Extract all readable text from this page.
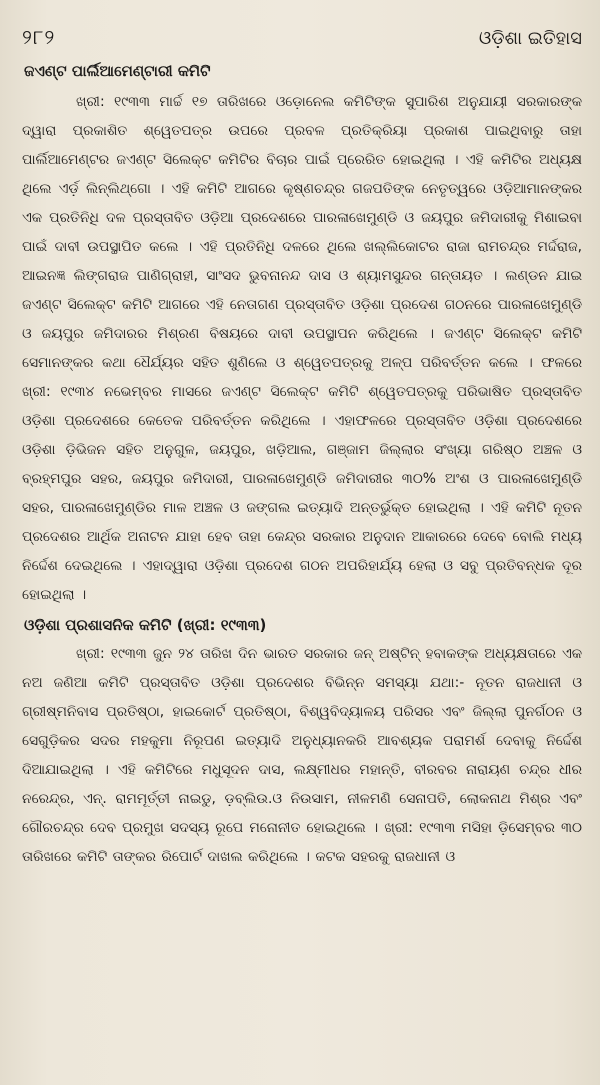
୨୮୨	ଓଡ଼ିଶା ଇତିହାସ
ଜଏଣ୍ଟ ପାର୍ଲିଆମେଣ୍ଟାରୀ କମିଟି

ଖ୍ରୀ: ୧୯୩୩ ମାର୍ଚ୍ଚ ୧୭ ତାରିଖରେ ଓଡ଼ୋନେଲ କମିଟିଙ୍କ ସୁପାରିଶ ଅନୁଯାୟୀ ସରକାରଙ୍କ ଦ୍ୱାରା ପ୍ରକାଶିତ ଶ୍ୱେତପତ୍ର ଉପରେ ପ୍ରବଳ ପ୍ରତିକ୍ରିୟା ପ୍ରକାଶ ପାଇଥିବାରୁ ତାହା ପାର୍ଲିଆମେଣ୍ଟର ଜଏଣ୍ଟ ସିଲେକ୍ଟ କମିଟିର ବିଚାର ପାଇଁ ପ୍ରେରିତ ହୋଇଥିଲା । ଏହି କମିଟିର ଅଧ୍ୟକ୍ଷ ଥିଲେ ଏର୍ଡ଼ ଲିନ୍‌ଲିଥ୍‌ଗୋ । ଏହି କମିଟି ଆଗରେ କୃଷ୍ଣଚନ୍ଦ୍ର ଗଜପତିଙ୍କ ନେତୃତ୍ୱରେ ଓଡ଼ିଆମାନଙ୍କର ଏକ ପ୍ରତିନିଧି ଦଳ ପ୍ରସ୍ତାବିତ ଓଡ଼ିଆ ପ୍ରଦେଶରେ ପାରଳାଖେମୁଣ୍ଡି ଓ ଜୟପୁର ଜମିଦାରୀକୁ ମିଶାଇବା ପାଇଁ ଦାବୀ ଉପସ୍ଥାପିତ କଲେ । ଏହି ପ୍ରତିନିଧି ଦଳରେ ଥିଲେ ଖଲ୍ଲିକୋଟର ରାଜା ରାମଚନ୍ଦ୍ର ମର୍ଦ୍ଦରାଜ, ଆଇନଜ୍ଞ ଲିଙ୍ଗରାଜ ପାଣିଗ୍ରାହୀ, ସାଂସଦ ଭୁବନାନନ୍ଦ ଦାସ ଓ ଶ୍ୟାମସୁନ୍ଦର ଗନ୍ତାୟତ । ଲଣ୍ଡନ ଯାଇ ଜଏଣ୍ଟ ସିଲେକ୍ଟ କମିଟି ଆଗରେ ଏହି ନେତାଗଣ ପ୍ରସ୍ତାବିତ ଓଡ଼ିଶା ପ୍ରଦେଶ ଗଠନରେ ପାରଳାଖେମୁଣ୍ଡି ଓ ଜୟପୁର ଜମିଦାରର ମିଶ୍ରଣ ବିଷୟରେ ଦାବୀ ଉପସ୍ଥାପନ କରିଥିଲେ । ଜଏଣ୍ଟ ସିଲେକ୍ଟ କମିଟି ସେମାନଙ୍କର କଥା ଧୈର୍ଯ୍ୟର ସହିତ ଶୁଣିଲେ ଓ ଶ୍ୱେତପତ୍ରକୁ ଅଳ୍ପ ପରିବର୍ତ୍ତନ କଲେ । ଫଳରେ ଖ୍ରୀ: ୧୯୩୪ ନଭେମ୍ବର ମାସରେ ଜଏଣ୍ଟ ସିଲେକ୍ଟ କମିଟି ଶ୍ୱେତପତ୍ରକୁ ପରିଭାଷିତ ପ୍ରସ୍ତାବିତ ଓଡ଼ିଶା ପ୍ରଦେଶରେ କେତେକ ପରିବର୍ତ୍ତନ କରିଥିଲେ । ଏହାଫଳରେ ପ୍ରସ୍ତାବିତ ଓଡ଼ିଶା ପ୍ରଦେଶରେ ଓଡ଼ିଶା ଡ଼ିଭିଜନ ସହିତ ଅନୁଗୁଳ, ଜୟପୁର, ଖଡ଼ିଆଲ, ଗଞ୍ଜାମ ଜିଲ୍ଲାର ସଂଖ୍ୟା ଗରିଷ୍ଠ ଅଞ୍ଚଳ ଓ ବ୍ରହ୍ମପୁର ସହର, ଜୟପୁର ଜମିଦାରୀ, ପାରଳାଖେମୁଣ୍ଡି ଜମିଦାରୀର ୩୦% ଅଂଶ ଓ ପାରଳାଖେମୁଣ୍ଡି ସହର, ପାରଳାଖେମୁଣ୍ଡିର ମାଳ ଅଞ୍ଚଳ ଓ ଜଙ୍ଗଲ ଇତ୍ୟାଦି ଅନ୍ତର୍ଭୁକ୍ତ ହୋଇଥିଲା । ଏହି କମିଟି ନୂତନ ପ୍ରଦେଶର ଆର୍ଥିକ ଅନାଟନ ଯାହା ହେବ ତାହା କେନ୍ଦ୍ର ସରକାର ଅନୁଦାନ ଆକାରରେ ଦେବେ ବୋଲି ମଧ୍ୟ ନିର୍ଦ୍ଦେଶ ଦେଇଥିଲେ । ଏହାଦ୍ୱାରା ଓଡ଼ିଶା ପ୍ରଦେଶ ଗଠନ ଅପରିହାର୍ଯ୍ୟ ହେଲା ଓ ସବୁ ପ୍ରତିବନ୍ଧକ ଦୂର ହୋଇଥିଲା ।

ଓଡ଼ିଶା ପ୍ରଶାସନିକ କମିଟି (ଖ୍ରୀ: ୧୯୩୩)

ଖ୍ରୀ: ୧୯୩୩ ଜୁନ ୨୪ ତାରିଖ ଦିନ ଭାରତ ସରକାର ଜନ୍ ଅଷ୍ଟିନ୍ ହବାକଙ୍କ ଅଧ୍ୟକ୍ଷତାରେ ଏକ ନଅ ଜଣିଆ କମିଟି ପ୍ରସ୍ତାବିତ ଓଡ଼ିଶା ପ୍ରଦେଶର ବିଭିନ୍ନ ସମସ୍ୟା ଯଥା:- ନୂତନ ରାଜଧାନୀ ଓ ଗ୍ରୀଷ୍ମନିବାସ ପ୍ରତିଷ୍ଠା, ହାଇକୋର୍ଟ ପ୍ରତିଷ୍ଠା, ବିଶ୍ୱବିଦ୍ୟାଳୟ ପରିସର ଏବଂ ଜିଲ୍ଲା ପୁନର୍ଗଠନ ଓ ସେଗୁଡ଼ିକର ସଦର ମହକୁମା ନିରୂପଣ ଇତ୍ୟାଦି ଅନୁଧ୍ୟାନକରି ଆବଶ୍ୟକ ପରାମର୍ଶ ଦେବାକୁ ନିର୍ଦ୍ଦେଶ ଦିଆଯାଇଥିଲା । ଏହି କମିଟିରେ ମଧୁସୂଦନ ଦାସ, ଲକ୍ଷ୍ମୀଧର ମହାନ୍ତି, ବୀରବର ନାରାୟଣ ଚନ୍ଦ୍ର ଧୀର ନରେନ୍ଦ୍ର, ଏନ୍. ରାମମୂର୍ତ୍ତୀ ନାଇଡୁ, ଡ଼ବ୍ଲିଉ.ଓ ନିଉସାମ, ନୀଳମଣି ସେନାପତି, ଲୋକନାଥ ମିଶ୍ର ଏବଂ ଗୌରଚନ୍ଦ୍ର ଦେବ ପ୍ରମୁଖ ସଦସ୍ୟ ରୂପେ ମନୋନୀତ ହୋଇଥିଲେ । ଖ୍ରୀ: ୧୯୩୩ ମସିହା ଡ଼ିସେମ୍ବର ୩୦ ତାରିଖରେ କମିଟି ତାଙ୍କର ରିପୋର୍ଟ ଦାଖଲ କରିଥିଲେ । କଟକ ସହରକୁ ରାଜଧାନୀ ଓ
